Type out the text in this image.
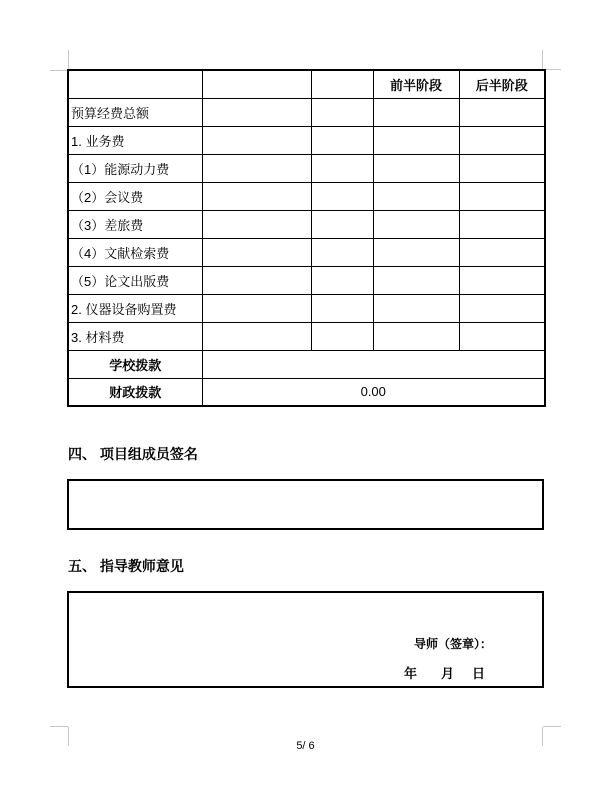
			前半阶段	后半阶段
预算经费总额				
1. 业务费				
（1）能源动力费				
（2）会议费				
（3）差旅费				
（4）文献检索费				
（5）论文出版费				
2. 仪器设备购置费				
3. 材料费				
学校拨款				
财政拨款	0.00			
四、 项目组成员签名
五、 指导教师意见
导师（签章）：
年 月 日
5/ 6
